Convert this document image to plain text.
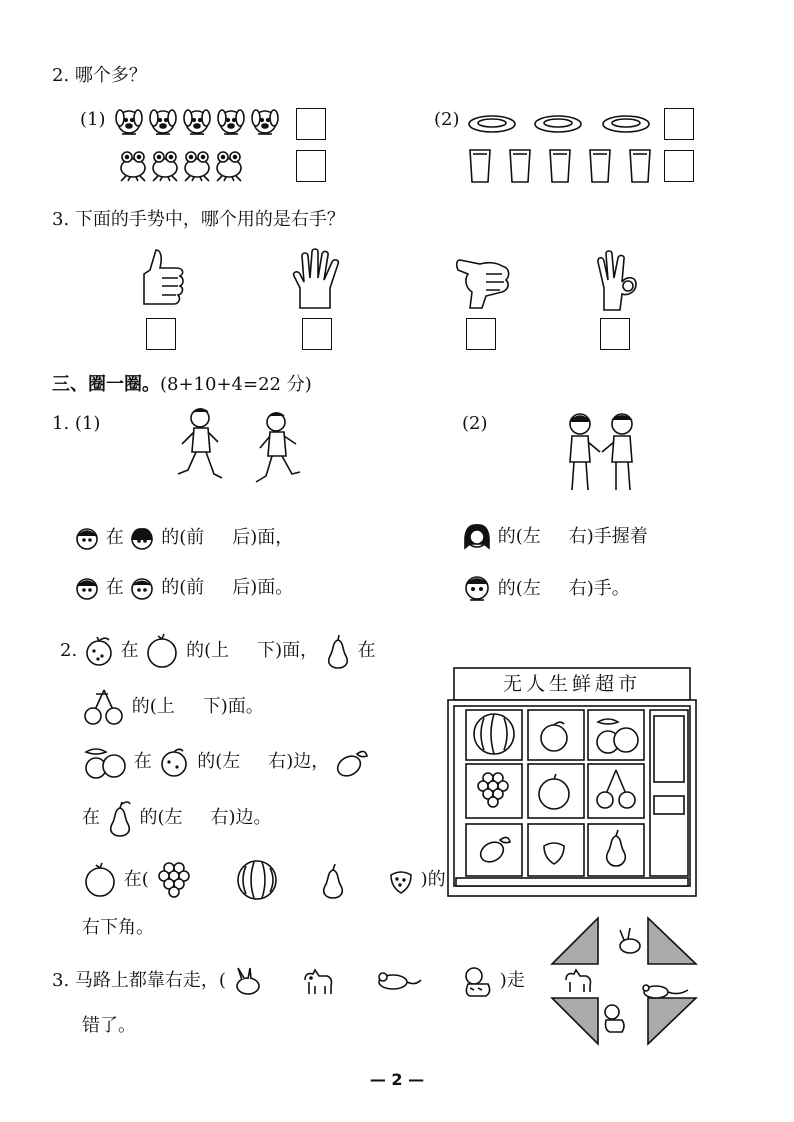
2. 哪个多？
(1)	(2)
3. 下面的手势中，哪个用的是右手？
三、圈一圈。(8+10+4=22 分)
1. (1)	(2)
在 的(前 后)面，
在 的(前 后)面。
的(左 右)手握着
的(左 右)手。
2. 在	的(上 下)面， 在
的(上 下)面。
在	的(左 右)边，
在 的(左 右)边。
在(	)的
右下角。
无人生鲜超市
3. 马路上都靠右走，(	)走
错了。
— 2 —
